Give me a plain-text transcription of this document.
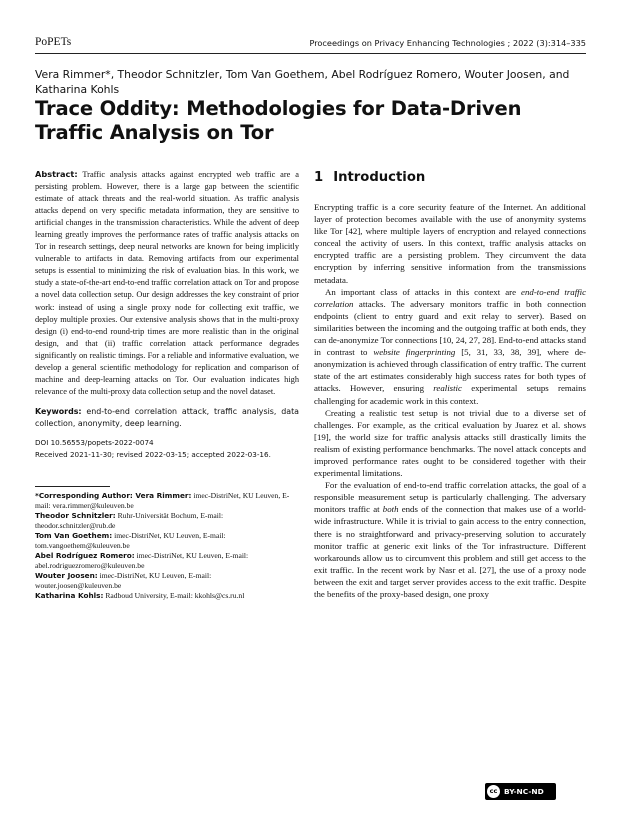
PoPETs	Proceedings on Privacy Enhancing Technologies ; 2022 (3):314–335
Vera Rimmer*, Theodor Schnitzler, Tom Van Goethem, Abel Rodríguez Romero, Wouter Joosen, and Katharina Kohls
Trace Oddity: Methodologies for Data-Driven Traffic Analysis on Tor

Abstract: Traffic analysis attacks against encrypted web traffic are a persisting problem. However, there is a large gap between the scientific estimate of attack threats and the real-world situation. As traffic analysis attacks depend on very specific metadata information, they are sensitive to artificial changes in the transmission characteristics. While the advent of deep learning greatly improves the performance rates of traffic analysis attacks on Tor in research settings, deep neural networks are known for being implicitly vulnerable to artifacts in data. Removing artifacts from our experimental setups is essential to minimizing the risk of evaluation bias. In this work, we study a state-of-the-art end-to-end traffic correlation attack on Tor and propose a novel data collection setup. Our design addresses the key constraint of prior work: instead of using a single proxy node for collecting exit traffic, we deploy multiple proxies. Our extensive analysis shows that in the multi-proxy design (i) end-to-end round-trip times are more realistic than in the original design, and that (ii) traffic correlation attack performance degrades significantly on realistic timings. For a reliable and informative evaluation, we develop a general scientific methodology for replication and comparison of machine and deep-learning attacks on Tor. Our evaluation indicates high relevance of the multi-proxy data collection setup and the novel dataset.

Keywords: end-to-end correlation attack, traffic analysis, data collection, anonymity, deep learning.

DOI 10.56553/popets-2022-0074
Received 2021-11-30; revised 2022-03-15; accepted 2022-03-16.

*Corresponding Author: Vera Rimmer: imec-DistriNet, KU Leuven, E-mail: vera.rimmer@kuleuven.be

Theodor Schnitzler: Ruhr-Universität Bochum, E-mail: theodor.schnitzler@rub.de

Tom Van Goethem: imec-DistriNet, KU Leuven, E-mail: tom.vangoethem@kuleuven.be

Abel Rodríguez Romero: imec-DistriNet, KU Leuven, E-mail: abel.rodriguezromero@kuleuven.be

Wouter Joosen: imec-DistriNet, KU Leuven, E-mail: wouter.joosen@kuleuven.be

Katharina Kohls: Radboud University, E-mail: kkohls@cs.ru.nl

1 Introduction

Encrypting traffic is a core security feature of the Internet. An additional layer of protection becomes available with the use of anonymity systems like Tor [42], where multiple layers of encryption and relayed connections conceal the activity of users. In this context, traffic analysis attacks on encrypted traffic are a persisting problem. They circumvent the data encryption by inferring sensitive information from the transmissions metadata.

An important class of attacks in this context are end-to-end traffic correlation attacks. The adversary monitors traffic in both connection endpoints (client to entry guard and exit relay to server). Based on similarities between the incoming and the outgoing traffic at both ends, they can de-anonymize Tor connections [10, 24, 27, 28]. End-to-end attacks stand in contrast to website fingerprinting [5, 31, 33, 38, 39], where de-anonymization is achieved through classification of entry traffic. The current state of the art estimates considerably high success rates for both types of attacks. However, ensuring realistic experimental setups remains challenging for academic work in this context.

Creating a realistic test setup is not trivial due to a diverse set of challenges. For example, as the critical evaluation by Juarez et al. shows [19], the world size for traffic analysis attacks still drastically limits the realism of existing performance benchmarks. The novel attack concepts and improved performance rates ought to be considered together with their experimental limitations.

For the evaluation of end-to-end traffic correlation attacks, the goal of a responsible measurement setup is particularly challenging. The adversary monitors traffic at both ends of the connection that makes use of a world-wide infrastructure. While it is trivial to gain access to the entry connection, there is no straightforward and privacy-preserving solution to accurately monitor traffic at generic exit links of the Tor infrastructure. Different workarounds allow us to circumvent this problem and still get access to the exit traffic. In the recent work by Nasr et al. [27], the use of a proxy node between the exit and target server provides access to the exit traffic. Despite the benefits of the proxy-based design, one proxy

cc BY-NC-ND
